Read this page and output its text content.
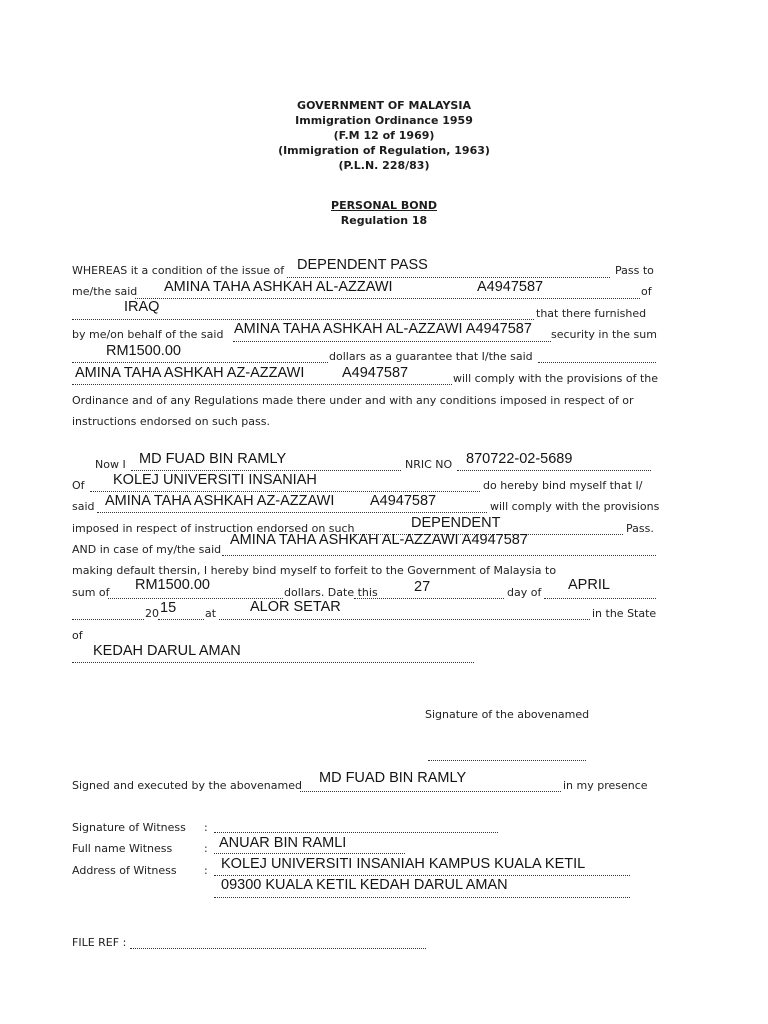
GOVERNMENT OF MALAYSIA
Immigration Ordinance 1959
(F.M 12 of 1969)
(Immigration of Regulation, 1963)
(P.L.N. 228/83)
PERSONAL BOND
Regulation 18
WHEREAS it a condition of the issue of DEPENDENT PASS	Pass to
me/the said AMINA TAHA ASHKAH AL-AZZAWI	A4947587	of
IRAQ	that there furnished
by me/on behalf of the said AMINA TAHA ASHKAH AL-AZZAWI A4947587 security in the sum
RM1500.00	dollars as a guarantee that I/the said
AMINA TAHA ASHKAH AZ-AZZAWI	A4947587	will comply with the provisions of the
Ordinance and of any Regulations made there under and with any conditions imposed in respect of or
instructions endorsed on such pass.
Now I MD FUAD BIN RAMLY	NRIC NO 870722-02-5689
Of KOLEJ UNIVERSITI INSANIAH	do hereby bind myself that I/
said AMINA TAHA ASHKAH AZ-AZZAWI A4947587	will comply with the provisions
imposed in respect of instruction endorsed on such	DEPENDENT	Pass.
AND in case of my/the said
AMINA TAHA ASHKAH AL-AZZAWI A4947587
making default thersin, I hereby bind myself to forfeit to the Government of Malaysia to
sum of RM1500.00	dollars. Date this	27	day of APRIL
20 15	at ALOR SETAR	in the State
of
KEDAH DARUL AMAN
Signature of the abovenamed
Signed and executed by the abovenamed MD FUAD BIN RAMLY	in my presence
Signature of Witness :
Full name Witness	: ANUAR BIN RAMLI
Address of Witness : KOLEJ UNIVERSITI INSANIAH KAMPUS KUALA KETIL
09300 KUALA KETIL KEDAH DARUL AMAN
FILE REF :
